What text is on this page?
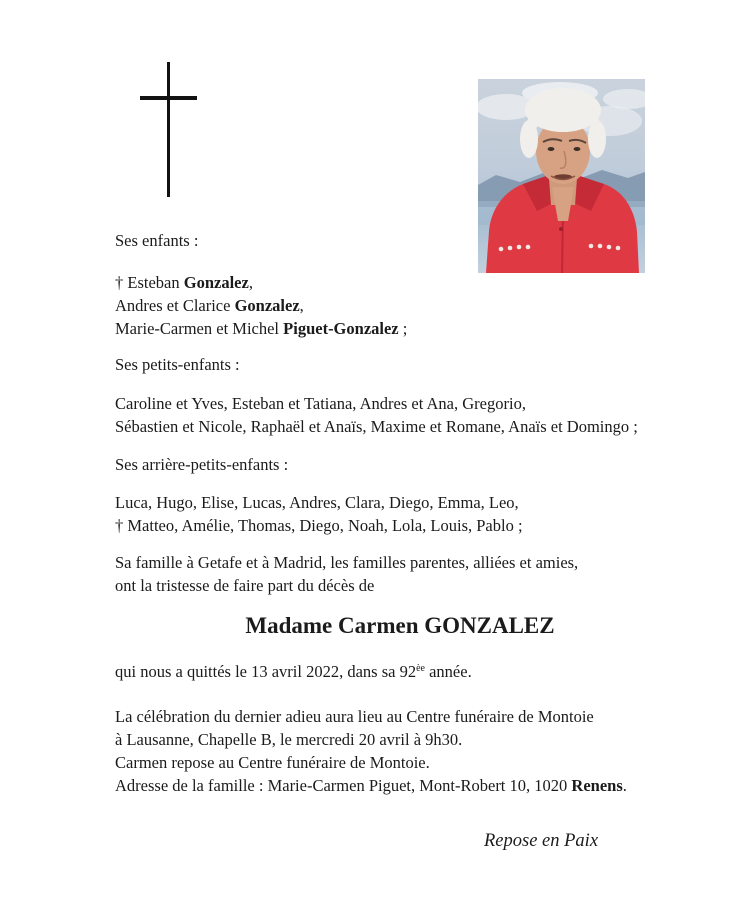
Ses enfants :

† Esteban Gonzalez,

Andres et Clarice Gonzalez,

Marie-Carmen et Michel Piguet-Gonzalez ;

Ses petits-enfants :

Caroline et Yves, Esteban et Tatiana, Andres et Ana, Gregorio,

Sébastien et Nicole, Raphaël et Anaïs, Maxime et Romane, Anaïs et Domingo ;

Ses arrière-petits-enfants :

Luca, Hugo, Elise, Lucas, Andres, Clara, Diego, Emma, Leo,

† Matteo, Amélie, Thomas, Diego, Noah, Lola, Louis, Pablo ;

Sa famille à Getafe et à Madrid, les familles parentes, alliées et amies,

ont la tristesse de faire part du décès de

Madame Carmen GONZALEZ

qui nous a quittés le 13 avril 2022, dans sa $92^{èe}$ année.

La célébration du dernier adieu aura lieu au Centre funéraire de Montoie

à Lausanne, Chapelle B, le mercredi 20 avril à 9h30.

Carmen repose au Centre funéraire de Montoie.

Adresse de la famille : Marie-Carmen Piguet, Mont-Robert 10, 1020 Renens.

Repose en Paix
